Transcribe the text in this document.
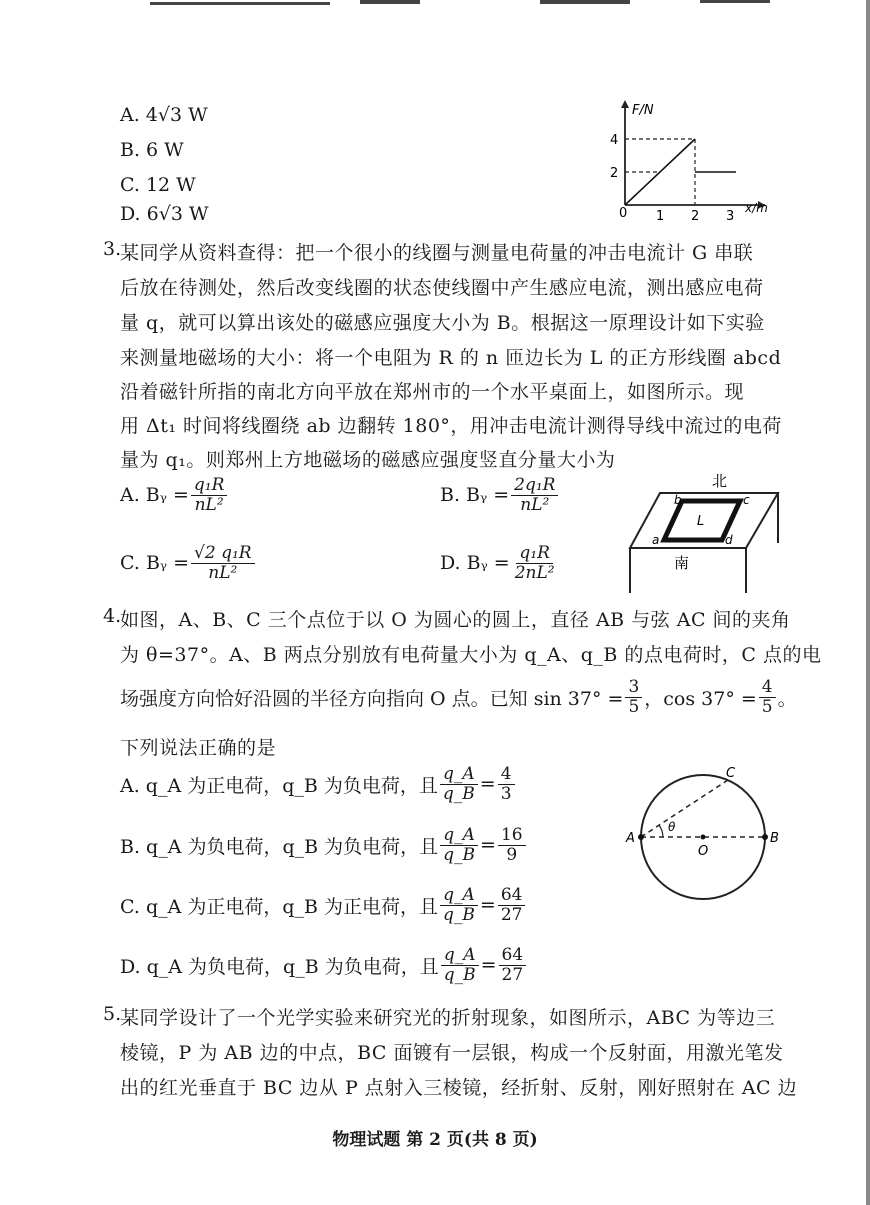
A. 4√3 W
B. 6 W
C. 12 W
D. 6√3 W
F/N
x/m
0
2
4
1 2 3
3.
某同学从资料查得：把一个很小的线圈与测量电荷量的冲击电流计 G 串联
后放在待测处，然后改变线圈的状态使线圈中产生感应电流，测出感应电荷
量 q，就可以算出该处的磁感应强度大小为 B。根据这一原理设计如下实验
来测量地磁场的大小：将一个电阻为 R 的 n 匝边长为 L 的正方形线圈 abcd
沿着磁针所指的南北方向平放在郑州市的一个水平桌面上，如图所示。现
用 Δt₁ 时间将线圈绕 ab 边翻转 180°，用冲击电流计测得导线中流过的电荷
量为 q₁。则郑州上方地磁场的磁感应强度竖直分量大小为
A. Bᵧ = $\frac{\text{q₁R}}{\text{nL²}}$	B. Bᵧ = $\frac{\text{2q₁R}}{\text{nL²}}$
C. Bᵧ = $\frac{\text{√2 q₁R}}{\text{nL²}}$	D. Bᵧ = $\frac{\text{q₁R}}{\text{2nL²}}$
北
b	c
a	d
L
南
4.
如图，A、B、C 三个点位于以 O 为圆心的圆上，直径 AB 与弦 AC 间的夹角
为 θ=37°。A、B 两点分别放有电荷量大小为 q_A、q_B 的点电荷时，C 点的电
场强度方向恰好沿圆的半径方向指向 O 点。已知 $\sin 37^\circ = \frac{3}{5}$ ，$\cos 37^\circ = \frac{4}{5}$ 。
下列说法正确的是
A. q_A 为正电荷，q_B 为负电荷，且 $\frac{q\_A}{q\_B} = \frac{4}{3}$
B. q_A 为负电荷，q_B 为负电荷，且 $\frac{q\_A}{q\_B} = \frac{16}{9}$
C. q_A 为正电荷，q_B 为正电荷，且 $\frac{q\_A}{q\_B} = \frac{64}{27}$
D. q_A 为负电荷，q_B 为负电荷，且 $\frac{q\_A}{q\_B} = \frac{64}{27}$
A	B
C
O
θ
5.
某同学设计了一个光学实验来研究光的折射现象，如图所示，ABC 为等边三
棱镜，P 为 AB 边的中点，BC 面镀有一层银，构成一个反射面，用激光笔发
出的红光垂直于 BC 边从 P 点射入三棱镜，经折射、反射，刚好照射在 AC 边
物理试题 第 2 页(共 8 页)
